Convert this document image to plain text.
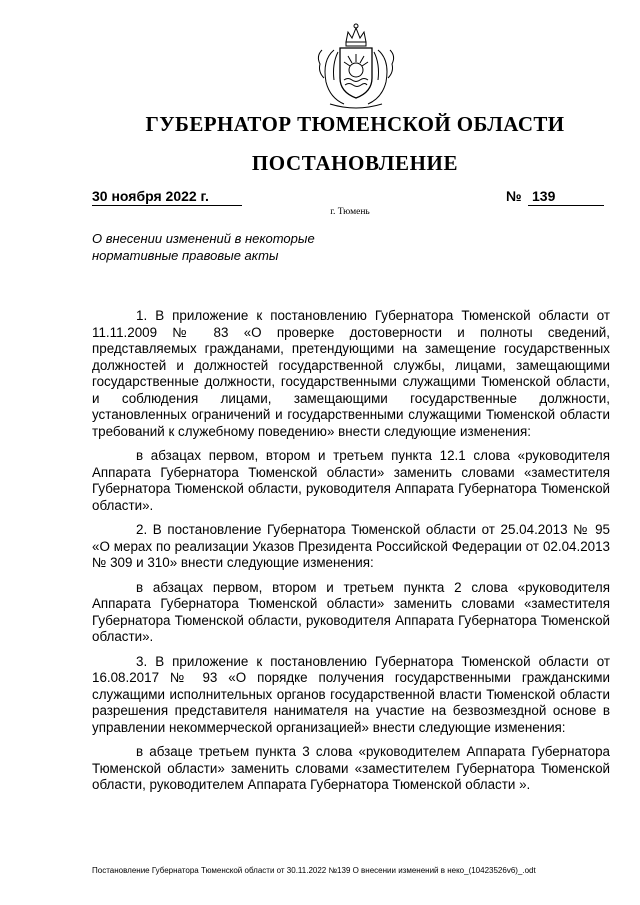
ГУБЕРНАТОР ТЮМЕНСКОЙ ОБЛАСТИ
ПОСТАНОВЛЕНИЕ
30 ноября 2022 г.	№ 139
г. Тюмень
О внесении изменений в некоторые
нормативные правовые акты

1. В приложение к постановлению Губернатора Тюменской области от 11.11.2009 № 83 «О проверке достоверности и полноты сведений, представляемых гражданами, претендующими на замещение государственных должностей и должностей государственной службы, лицами, замещающими государственные должности, государственными служащими Тюменской области, и соблюдения лицами, замещающими государственные должности, установленных ограничений и государственными служащими Тюменской области требований к служебному поведению» внести следующие изменения:

в абзацах первом, втором и третьем пункта 12.1 слова «руководителя Аппарата Губернатора Тюменской области» заменить словами «заместителя Губернатора Тюменской области, руководителя Аппарата Губернатора Тюменской области».

2. В постановление Губернатора Тюменской области от 25.04.2013 № 95 «О мерах по реализации Указов Президента Российской Федерации от 02.04.2013 № 309 и 310» внести следующие изменения:

в абзацах первом, втором и третьем пункта 2 слова «руководителя Аппарата Губернатора Тюменской области» заменить словами «заместителя Губернатора Тюменской области, руководителя Аппарата Губернатора Тюменской области».

3. В приложение к постановлению Губернатора Тюменской области от 16.08.2017 № 93 «О порядке получения государственными гражданскими служащими исполнительных органов государственной власти Тюменской области разрешения представителя нанимателя на участие на безвозмездной основе в управлении некоммерческой организацией» внести следующие изменения:

в абзаце третьем пункта 3 слова «руководителем Аппарата Губернатора Тюменской области» заменить словами «заместителем Губернатора Тюменской области, руководителем Аппарата Губернатора Тюменской области ».

Постановление Губернатора Тюменской области от 30.11.2022 №139 О внесении изменений в неко_(10423526v6)_.odt
